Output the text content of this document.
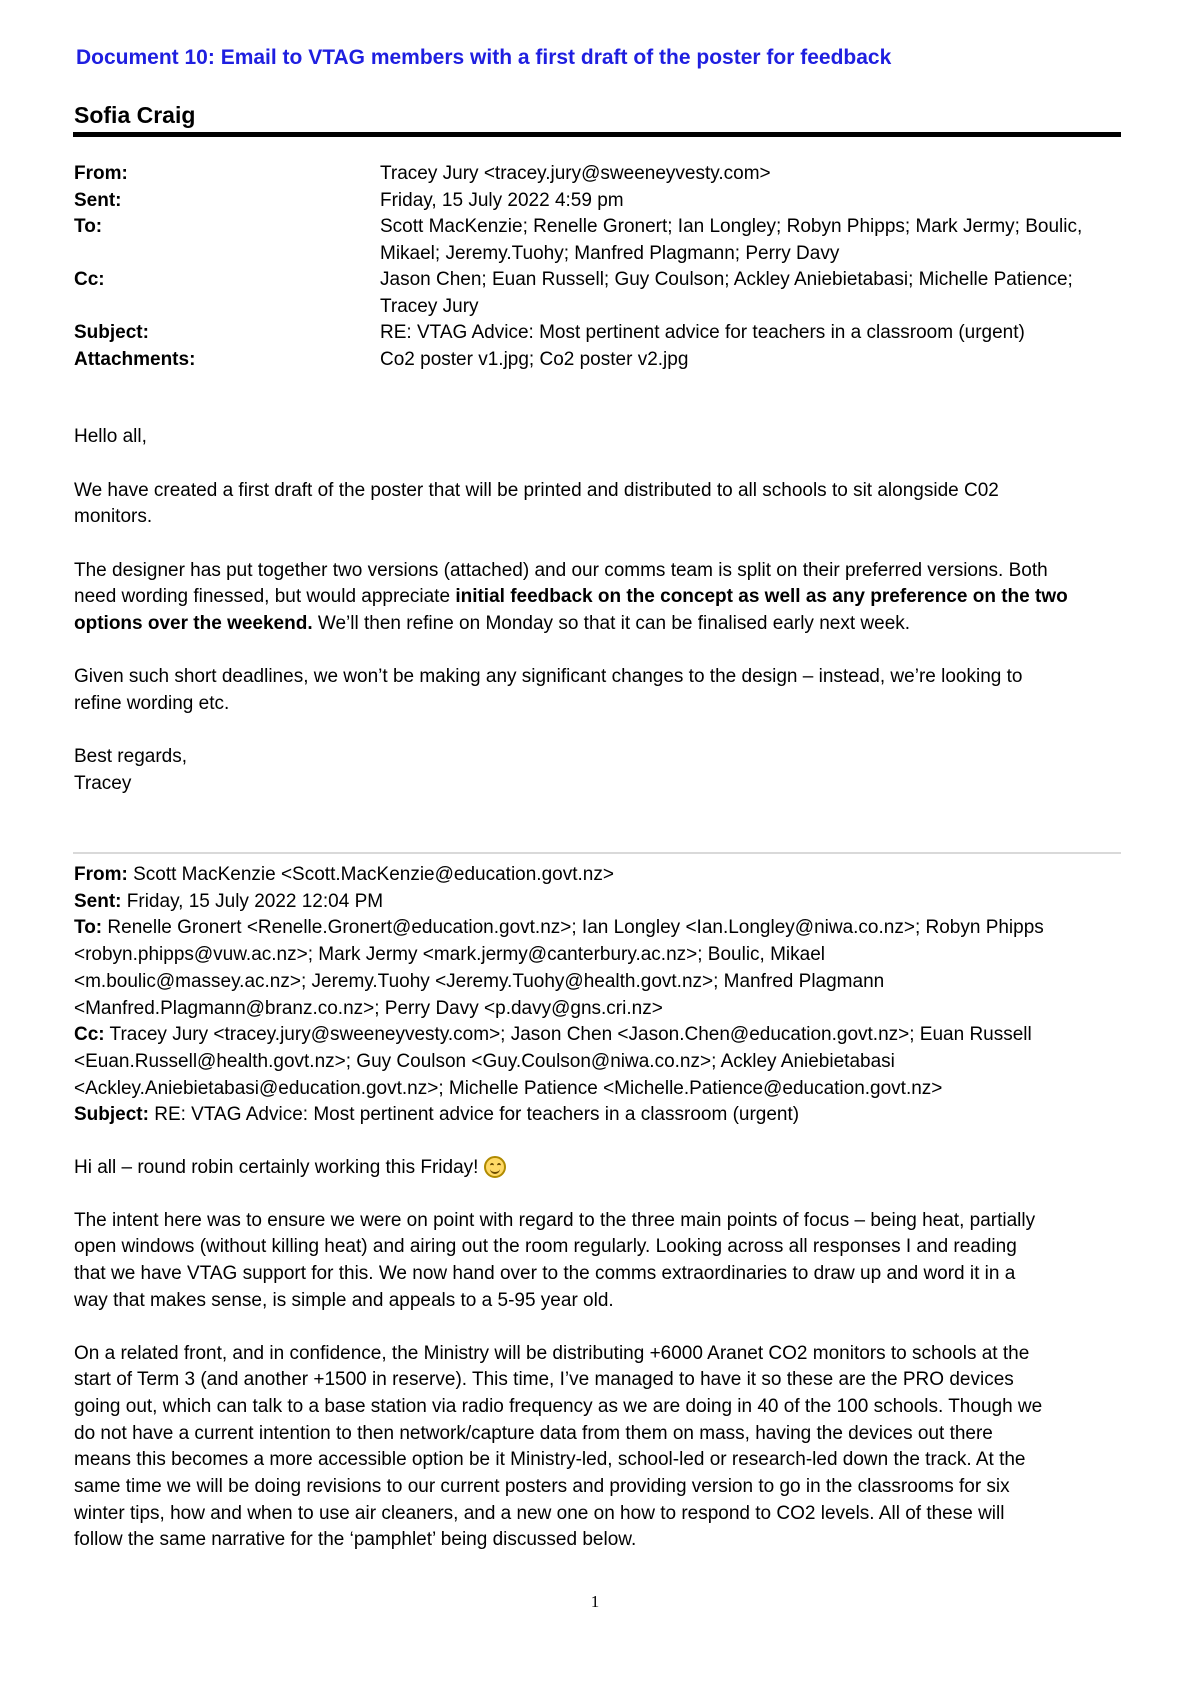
Document 10: Email to VTAG members with a first draft of the poster for feedback
Sofia Craig
From:	Tracey Jury <tracey.jury@sweeneyvesty.com>
Sent:	Friday, 15 July 2022 4:59 pm
To:	Scott MacKenzie; Renelle Gronert; Ian Longley; Robyn Phipps; Mark Jermy; Boulic,
Mikael; Jeremy.Tuohy; Manfred Plagmann; Perry Davy
Cc:	Jason Chen; Euan Russell; Guy Coulson; Ackley Aniebietabasi; Michelle Patience;
Tracey Jury
Subject:	RE: VTAG Advice: Most pertinent advice for teachers in a classroom (urgent)
Attachments:	Co2 poster v1.jpg; Co2 poster v2.jpg

Hello all,

We have created a first draft of the poster that will be printed and distributed to all schools to sit alongside C02
monitors.

The designer has put together two versions (attached) and our comms team is split on their preferred versions. Both
need wording finessed, but would appreciate initial feedback on the concept as well as any preference on the two
options over the weekend. We’ll then refine on Monday so that it can be finalised early next week.

Given such short deadlines, we won’t be making any significant changes to the design – instead, we’re looking to
refine wording etc.

Best regards,
Tracey

From: Scott MacKenzie <Scott.MacKenzie@education.govt.nz>

Sent: Friday, 15 July 2022 12:04 PM

To: Renelle Gronert <Renelle.Gronert@education.govt.nz>; Ian Longley <Ian.Longley@niwa.co.nz>; Robyn Phipps
<robyn.phipps@vuw.ac.nz>; Mark Jermy <mark.jermy@canterbury.ac.nz>; Boulic, Mikael
<m.boulic@massey.ac.nz>; Jeremy.Tuohy <Jeremy.Tuohy@health.govt.nz>; Manfred Plagmann
<Manfred.Plagmann@branz.co.nz>; Perry Davy <p.davy@gns.cri.nz>

Cc: Tracey Jury <tracey.jury@sweeneyvesty.com>; Jason Chen <Jason.Chen@education.govt.nz>; Euan Russell
<Euan.Russell@health.govt.nz>; Guy Coulson <Guy.Coulson@niwa.co.nz>; Ackley Aniebietabasi
<Ackley.Aniebietabasi@education.govt.nz>; Michelle Patience <Michelle.Patience@education.govt.nz>

Subject: RE: VTAG Advice: Most pertinent advice for teachers in a classroom (urgent)

Hi all – round robin certainly working this Friday!

The intent here was to ensure we were on point with regard to the three main points of focus – being heat, partially
open windows (without killing heat) and airing out the room regularly. Looking across all responses I and reading
that we have VTAG support for this. We now hand over to the comms extraordinaries to draw up and word it in a
way that makes sense, is simple and appeals to a 5-95 year old.

On a related front, and in confidence, the Ministry will be distributing +6000 Aranet CO2 monitors to schools at the
start of Term 3 (and another +1500 in reserve). This time, I’ve managed to have it so these are the PRO devices
going out, which can talk to a base station via radio frequency as we are doing in 40 of the 100 schools. Though we
do not have a current intention to then network/capture data from them on mass, having the devices out there
means this becomes a more accessible option be it Ministry-led, school-led or research-led down the track. At the
same time we will be doing revisions to our current posters and providing version to go in the classrooms for six
winter tips, how and when to use air cleaners, and a new one on how to respond to CO2 levels. All of these will
follow the same narrative for the ‘pamphlet’ being discussed below.

1
